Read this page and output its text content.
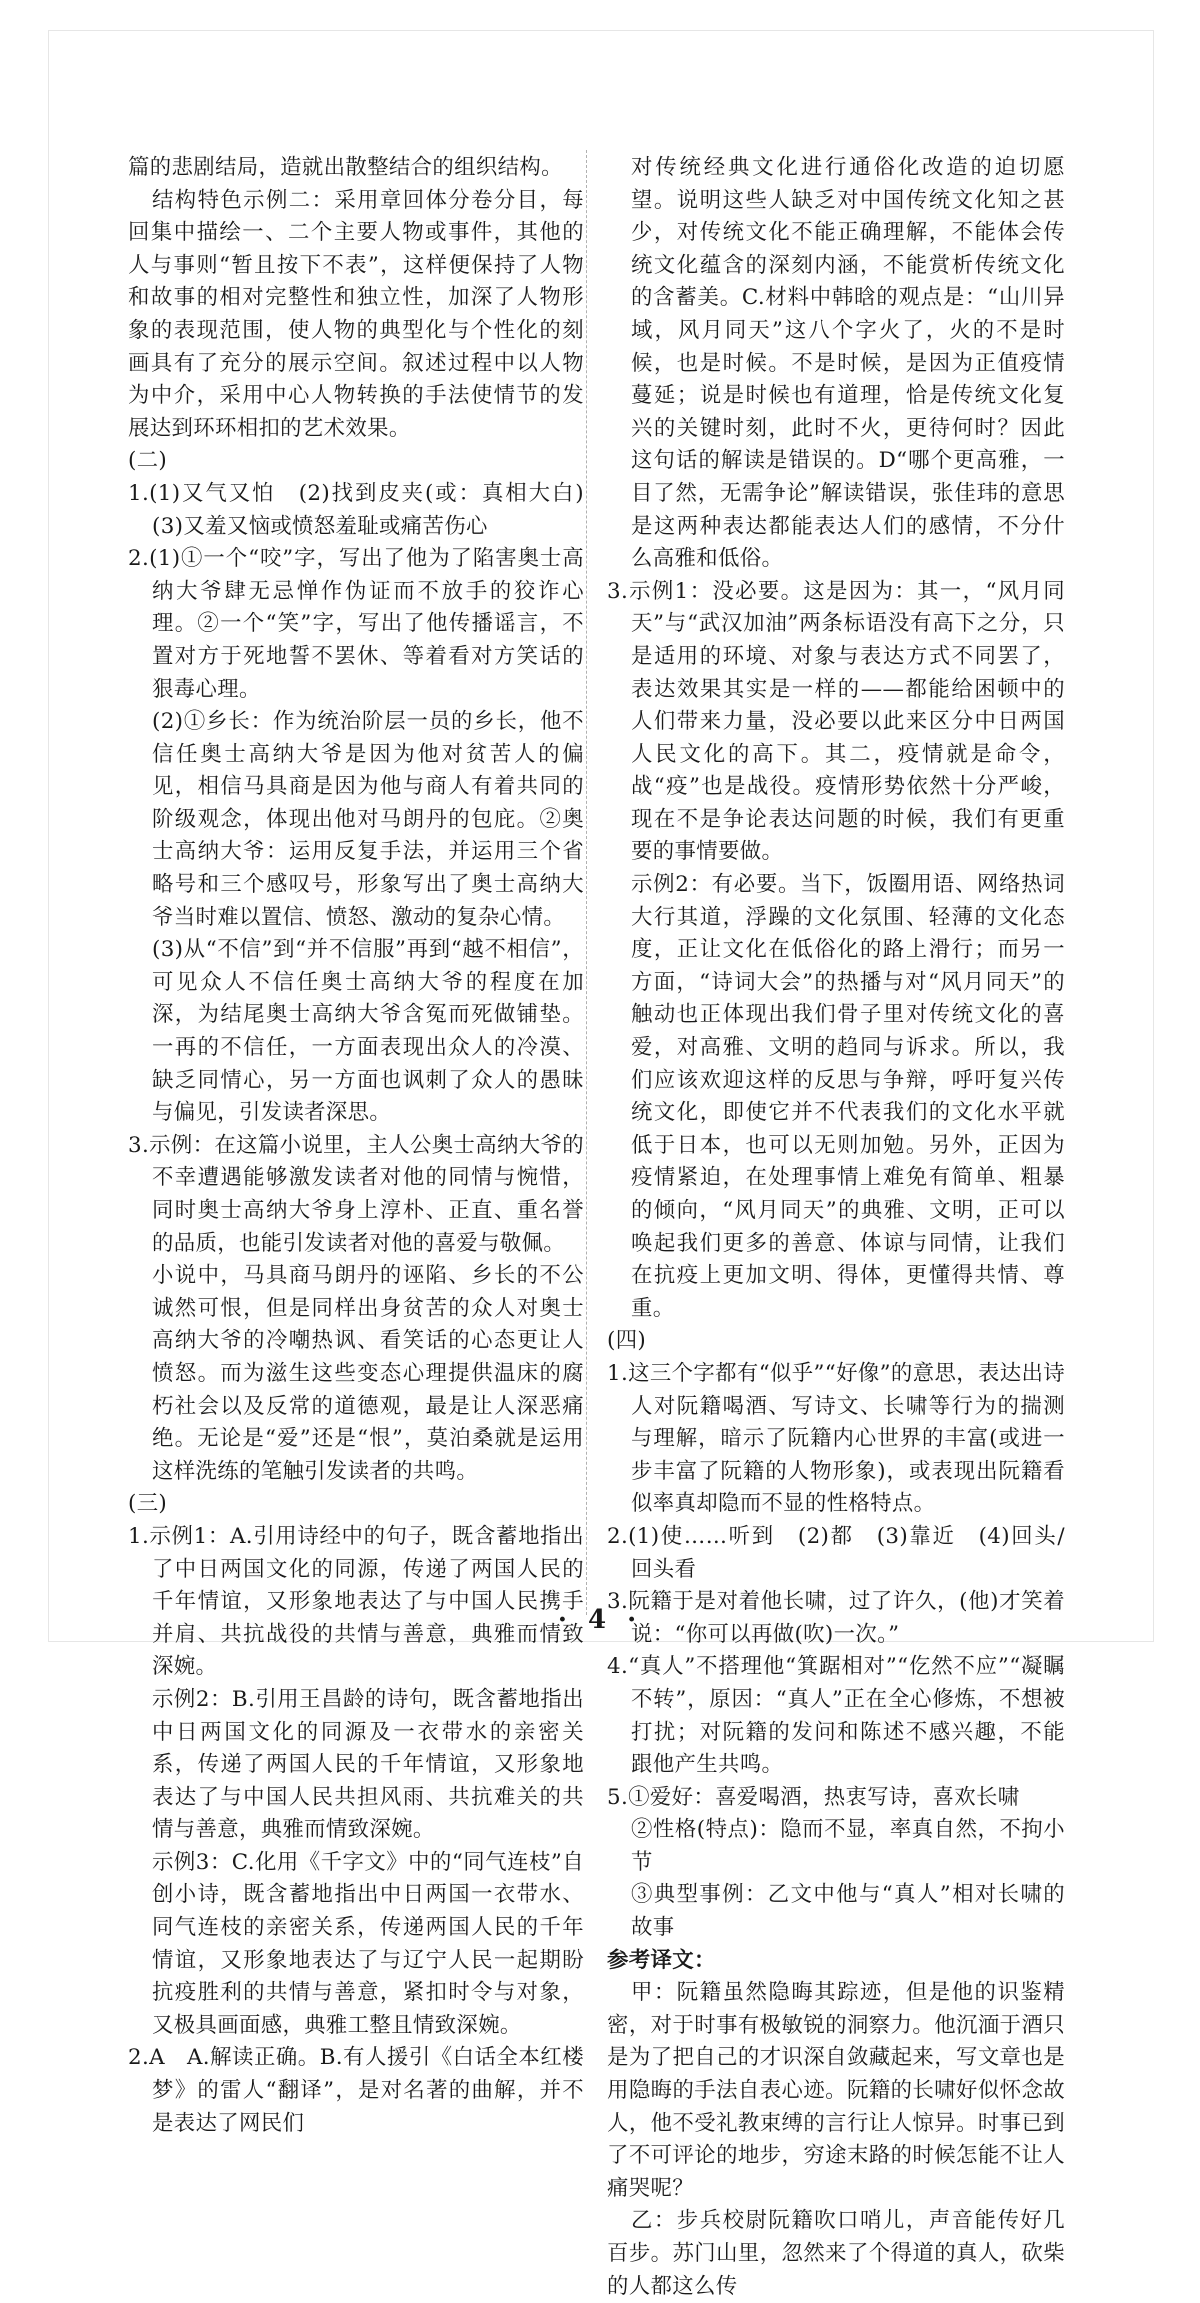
篇的悲剧结局，造就出散整结合的组织结构。

结构特色示例二：采用章回体分卷分目，每回集中描绘一、二个主要人物或事件，其他的人与事则“暂且按下不表”，这样便保持了人物和故事的相对完整性和独立性，加深了人物形象的表现范围，使人物的典型化与个性化的刻画具有了充分的展示空间。叙述过程中以人物为中介，采用中心人物转换的手法使情节的发展达到环环相扣的艺术效果。

(二)

1.(1)又气又怕　(2)找到皮夹(或：真相大白)　(3)又羞又恼或愤怒羞耻或痛苦伤心

2.(1)①一个“咬”字，写出了他为了陷害奥士高纳大爷肆无忌惮作伪证而不放手的狡诈心理。②一个“笑”字，写出了他传播谣言，不置对方于死地誓不罢休、等着看对方笑话的狠毒心理。

(2)①乡长：作为统治阶层一员的乡长，他不信任奥士高纳大爷是因为他对贫苦人的偏见，相信马具商是因为他与商人有着共同的阶级观念，体现出他对马朗丹的包庇。②奥士高纳大爷：运用反复手法，并运用三个省略号和三个感叹号，形象写出了奥士高纳大爷当时难以置信、愤怒、激动的复杂心情。

(3)从“不信”到“并不信服”再到“越不相信”，可见众人不信任奥士高纳大爷的程度在加深，为结尾奥士高纳大爷含冤而死做铺垫。一再的不信任，一方面表现出众人的冷漠、缺乏同情心，另一方面也讽刺了众人的愚昧与偏见，引发读者深思。

3.示例：在这篇小说里，主人公奥士高纳大爷的不幸遭遇能够激发读者对他的同情与惋惜，同时奥士高纳大爷身上淳朴、正直、重名誉的品质，也能引发读者对他的喜爱与敬佩。

小说中，马具商马朗丹的诬陷、乡长的不公诚然可恨，但是同样出身贫苦的众人对奥士高纳大爷的冷嘲热讽、看笑话的心态更让人愤怒。而为滋生这些变态心理提供温床的腐朽社会以及反常的道德观，最是让人深恶痛绝。无论是“爱”还是“恨”，莫泊桑就是运用这样洗练的笔触引发读者的共鸣。

(三)

1.示例1：A.引用诗经中的句子，既含蓄地指出了中日两国文化的同源，传递了两国人民的千年情谊，又形象地表达了与中国人民携手并肩、共抗战役的共情与善意，典雅而情致深婉。

示例2：B.引用王昌龄的诗句，既含蓄地指出中日两国文化的同源及一衣带水的亲密关系，传递了两国人民的千年情谊，又形象地表达了与中国人民共担风雨、共抗难关的共情与善意，典雅而情致深婉。

示例3：C.化用《千字文》中的“同气连枝”自创小诗，既含蓄地指出中日两国一衣带水、同气连枝的亲密关系，传递两国人民的千年情谊，又形象地表达了与辽宁人民一起期盼抗疫胜利的共情与善意，紧扣时令与对象，又极具画面感，典雅工整且情致深婉。

2.A　A.解读正确。B.有人援引《白话全本红楼梦》的雷人“翻译”，是对名著的曲解，并不是表达了网民们

对传统经典文化进行通俗化改造的迫切愿望。说明这些人缺乏对中国传统文化知之甚少，对传统文化不能正确理解，不能体会传统文化蕴含的深刻内涵，不能赏析传统文化的含蓄美。C.材料中韩晗的观点是：“山川异域，风月同天”这八个字火了，火的不是时候，也是时候。不是时候，是因为正值疫情蔓延；说是时候也有道理，恰是传统文化复兴的关键时刻，此时不火，更待何时？因此这句话的解读是错误的。D“哪个更高雅，一目了然，无需争论”解读错误，张佳玮的意思是这两种表达都能表达人们的感情，不分什么高雅和低俗。

3.示例1：没必要。这是因为：其一，“风月同天”与“武汉加油”两条标语没有高下之分，只是适用的环境、对象与表达方式不同罢了，表达效果其实是一样的——都能给困顿中的人们带来力量，没必要以此来区分中日两国人民文化的高下。其二，疫情就是命令，战“疫”也是战役。疫情形势依然十分严峻，现在不是争论表达问题的时候，我们有更重要的事情要做。

示例2：有必要。当下，饭圈用语、网络热词大行其道，浮躁的文化氛围、轻薄的文化态度，正让文化在低俗化的路上滑行；而另一方面，“诗词大会”的热播与对“风月同天”的触动也正体现出我们骨子里对传统文化的喜爱，对高雅、文明的趋同与诉求。所以，我们应该欢迎这样的反思与争辩，呼吁复兴传统文化，即使它并不代表我们的文化水平就低于日本，也可以无则加勉。另外，正因为疫情紧迫，在处理事情上难免有简单、粗暴的倾向，“风月同天”的典雅、文明，正可以唤起我们更多的善意、体谅与同情，让我们在抗疫上更加文明、得体，更懂得共情、尊重。

(四)

1.这三个字都有“似乎”“好像”的意思，表达出诗人对阮籍喝酒、写诗文、长啸等行为的揣测与理解，暗示了阮籍内心世界的丰富(或进一步丰富了阮籍的人物形象)，或表现出阮籍看似率真却隐而不显的性格特点。

2.(1)使……听到　(2)都　(3)靠近　(4)回头/回头看

3.阮籍于是对着他长啸，过了许久，(他)才笑着说：“你可以再做(吹)一次。”

4.“真人”不搭理他“箕踞相对”“仡然不应”“凝瞩不转”，原因：“真人”正在全心修炼，不想被打扰；对阮籍的发问和陈述不感兴趣，不能跟他产生共鸣。

5.①爱好：喜爱喝酒，热衷写诗，喜欢长啸

②性格(特点)：隐而不显，率真自然，不拘小节

③典型事例：乙文中他与“真人”相对长啸的故事

参考译文：

甲：阮籍虽然隐晦其踪迹，但是他的识鉴精密，对于时事有极敏锐的洞察力。他沉湎于酒只是为了把自己的才识深自敛藏起来，写文章也是用隐晦的手法自表心迹。阮籍的长啸好似怀念故人，他不受礼教束缚的言行让人惊异。时事已到了不可评论的地步，穷途末路的时候怎能不让人痛哭呢？

乙：步兵校尉阮籍吹口哨儿，声音能传好几百步。苏门山里，忽然来了个得道的真人，砍柴的人都这么传

· 4 ·
